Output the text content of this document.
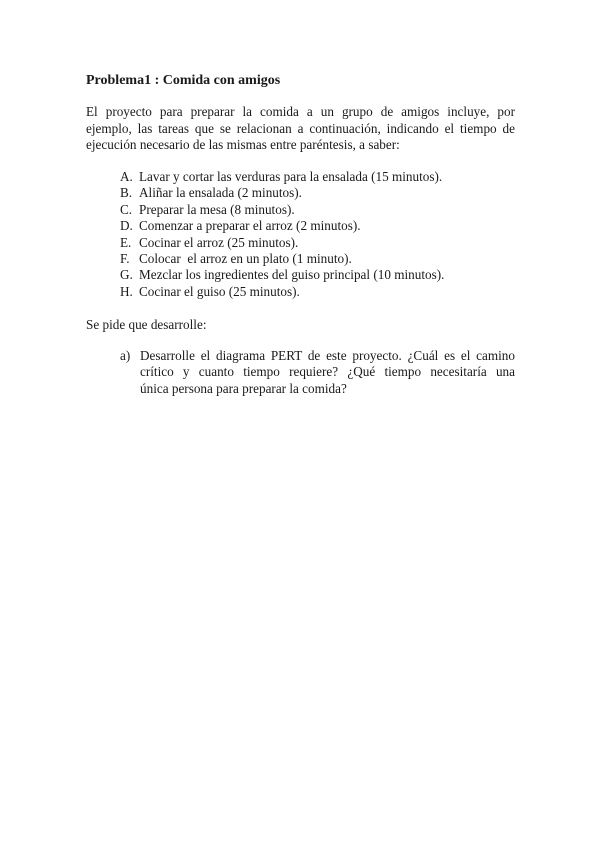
Problema1 : Comida con amigos
El proyecto para preparar la comida a un grupo de amigos incluye, por
ejemplo, las tareas que se relacionan a continuación, indicando el tiempo de
ejecución necesario de las mismas entre paréntesis, a saber:
A. Lavar y cortar las verduras para la ensalada (15 minutos).
B. Aliñar la ensalada (2 minutos).
C. Preparar la mesa (8 minutos).
D. Comenzar a preparar el arroz (2 minutos).
E. Cocinar el arroz (25 minutos).
F. Colocar  el arroz en un plato (1 minuto).
G. Mezclar los ingredientes del guiso principal (10 minutos).
H. Cocinar el guiso (25 minutos).
Se pide que desarrolle:
a) Desarrolle el diagrama PERT de este proyecto. ¿Cuál es el camino
crítico y cuanto tiempo requiere? ¿Qué tiempo necesitaría una
única persona para preparar la comida?
